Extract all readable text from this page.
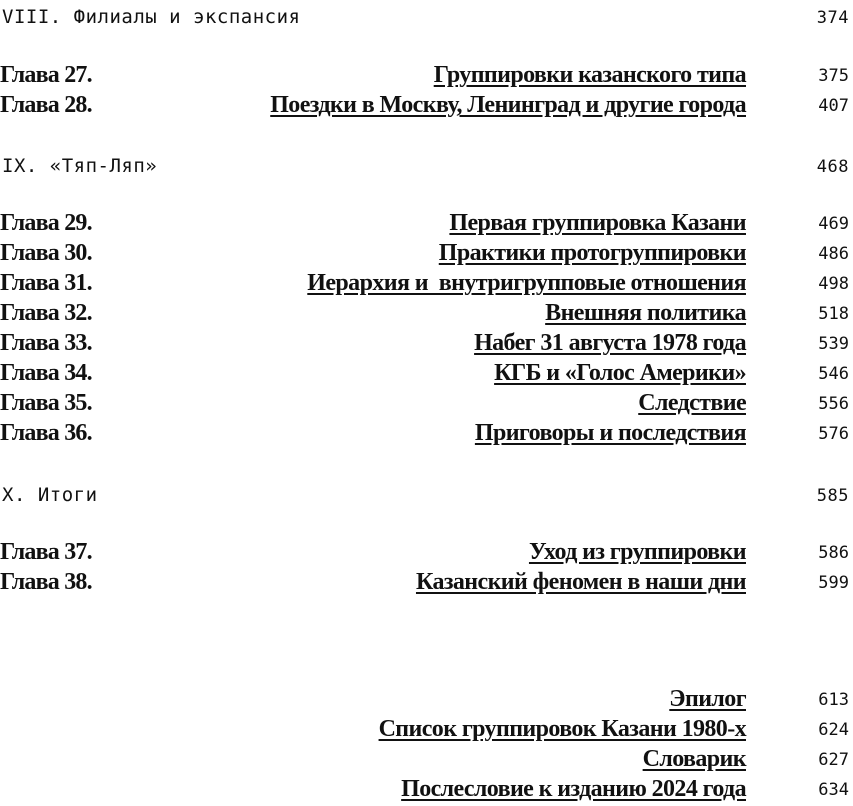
VIII. Филиалы и экспансия	374
Глава 27.	Группировки казанского типа	375
Глава 28.	Поездки в Москву, Ленинград и другие города	407
IX. «Тяп-Ляп»	468
Глава 29.	Первая группировка Казани	469
Глава 30.	Практики протогруппировки	486
Глава 31.	Иерархия и  внутригрупповые отношения	498
Глава 32.	Внешняя политика	518
Глава 33.	Набег 31 августа 1978 года	539
Глава 34.	КГБ и «Голос Америки»	546
Глава 35.	Следствие	556
Глава 36.	Приговоры и последствия	576
X. Итоги	585
Глава 37.	Уход из группировки	586
Глава 38.	Казанский феномен в наши дни	599
Эпилог	613
Список группировок Казани 1980-х	624
Словарик	627
Послесловие к изданию 2024 года	634
